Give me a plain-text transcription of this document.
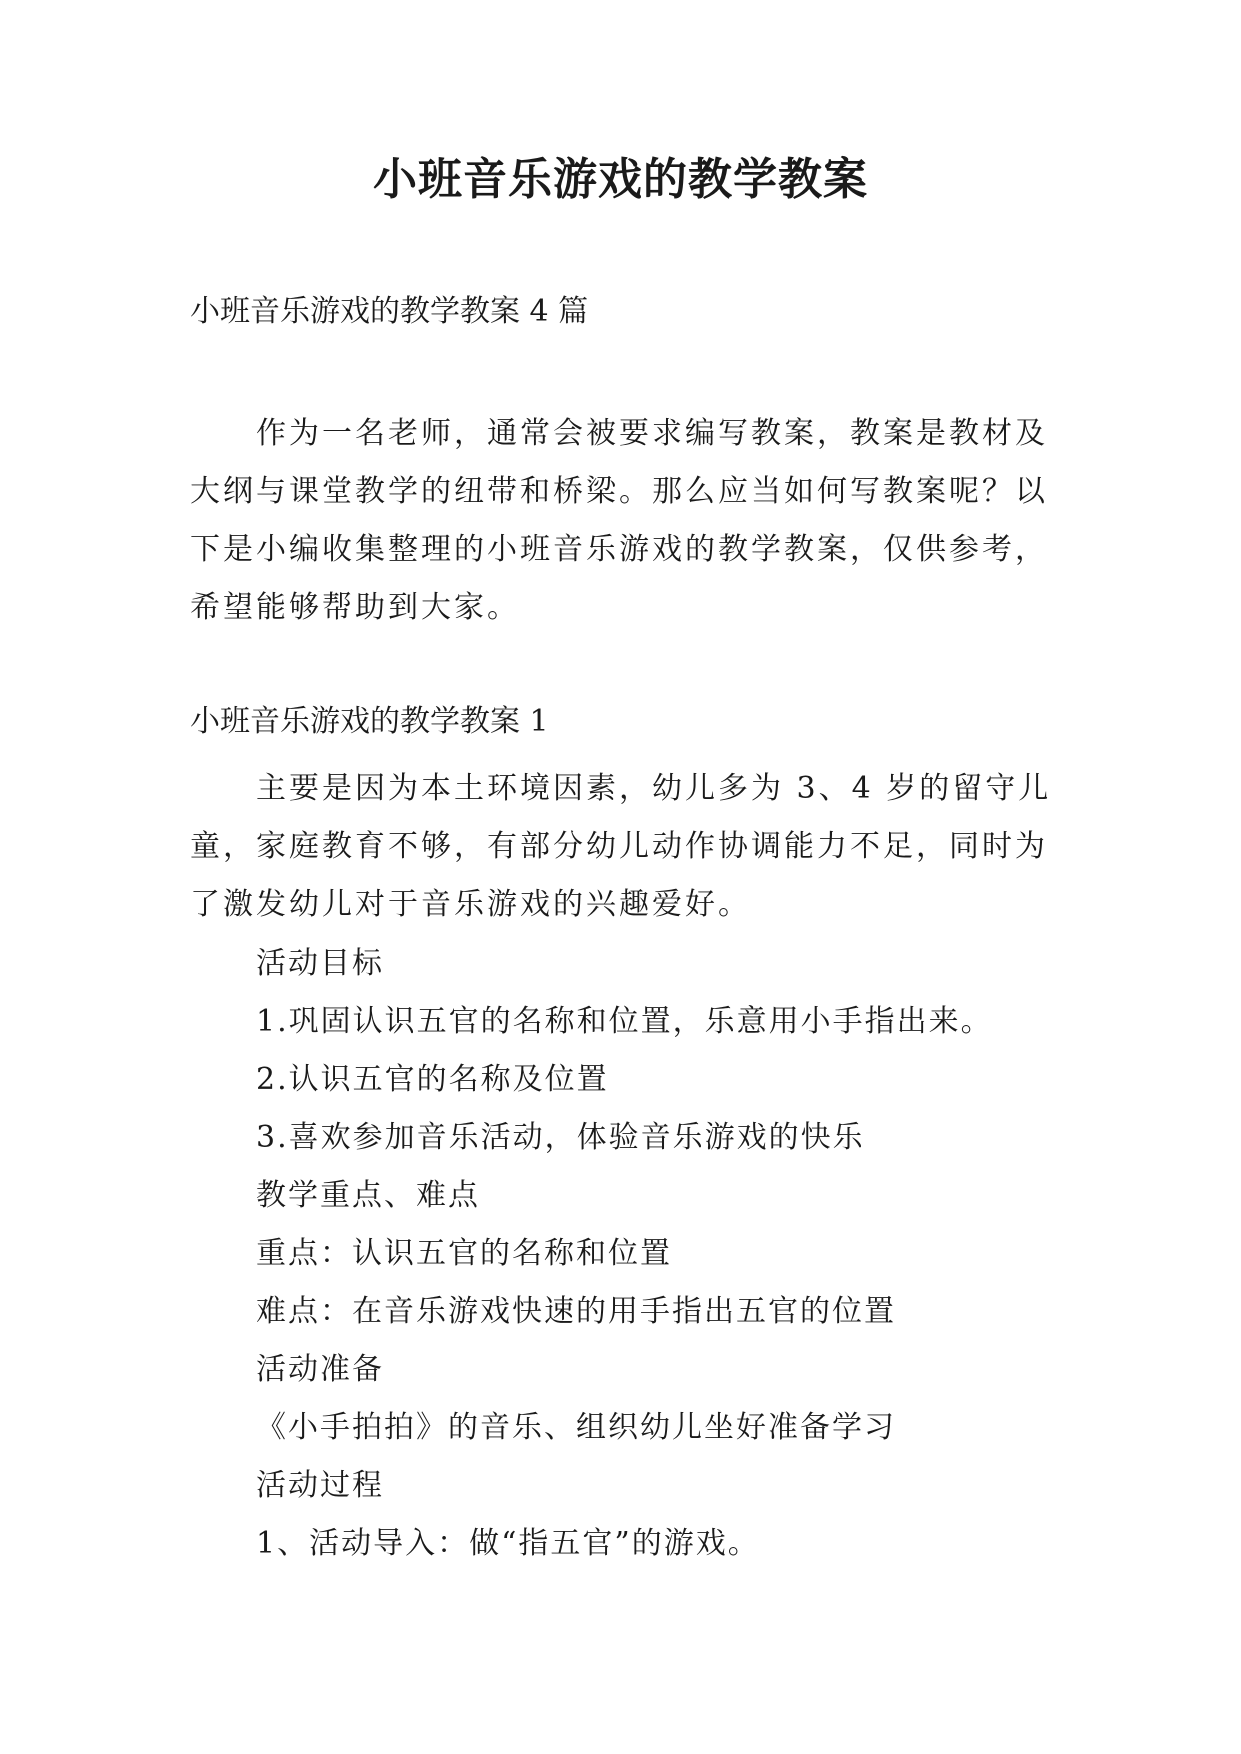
小班音乐游戏的教学教案

小班音乐游戏的教学教案 4 篇

作为一名老师，通常会被要求编写教案，教案是教材及大纲与课堂教学的纽带和桥梁。那么应当如何写教案呢？以下是小编收集整理的小班音乐游戏的教学教案，仅供参考，希望能够帮助到大家。

小班音乐游戏的教学教案 1

主要是因为本土环境因素，幼儿多为 3、4 岁的留守儿童，家庭教育不够，有部分幼儿动作协调能力不足，同时为了激发幼儿对于音乐游戏的兴趣爱好。

活动目标
1.巩固认识五官的名称和位置，乐意用小手指出来。
2.认识五官的名称及位置
3.喜欢参加音乐活动，体验音乐游戏的快乐
教学重点、难点
重点：认识五官的名称和位置
难点：在音乐游戏快速的用手指出五官的位置
活动准备
《小手拍拍》的音乐、组织幼儿坐好准备学习
活动过程
1、活动导入：做“指五官”的游戏。
